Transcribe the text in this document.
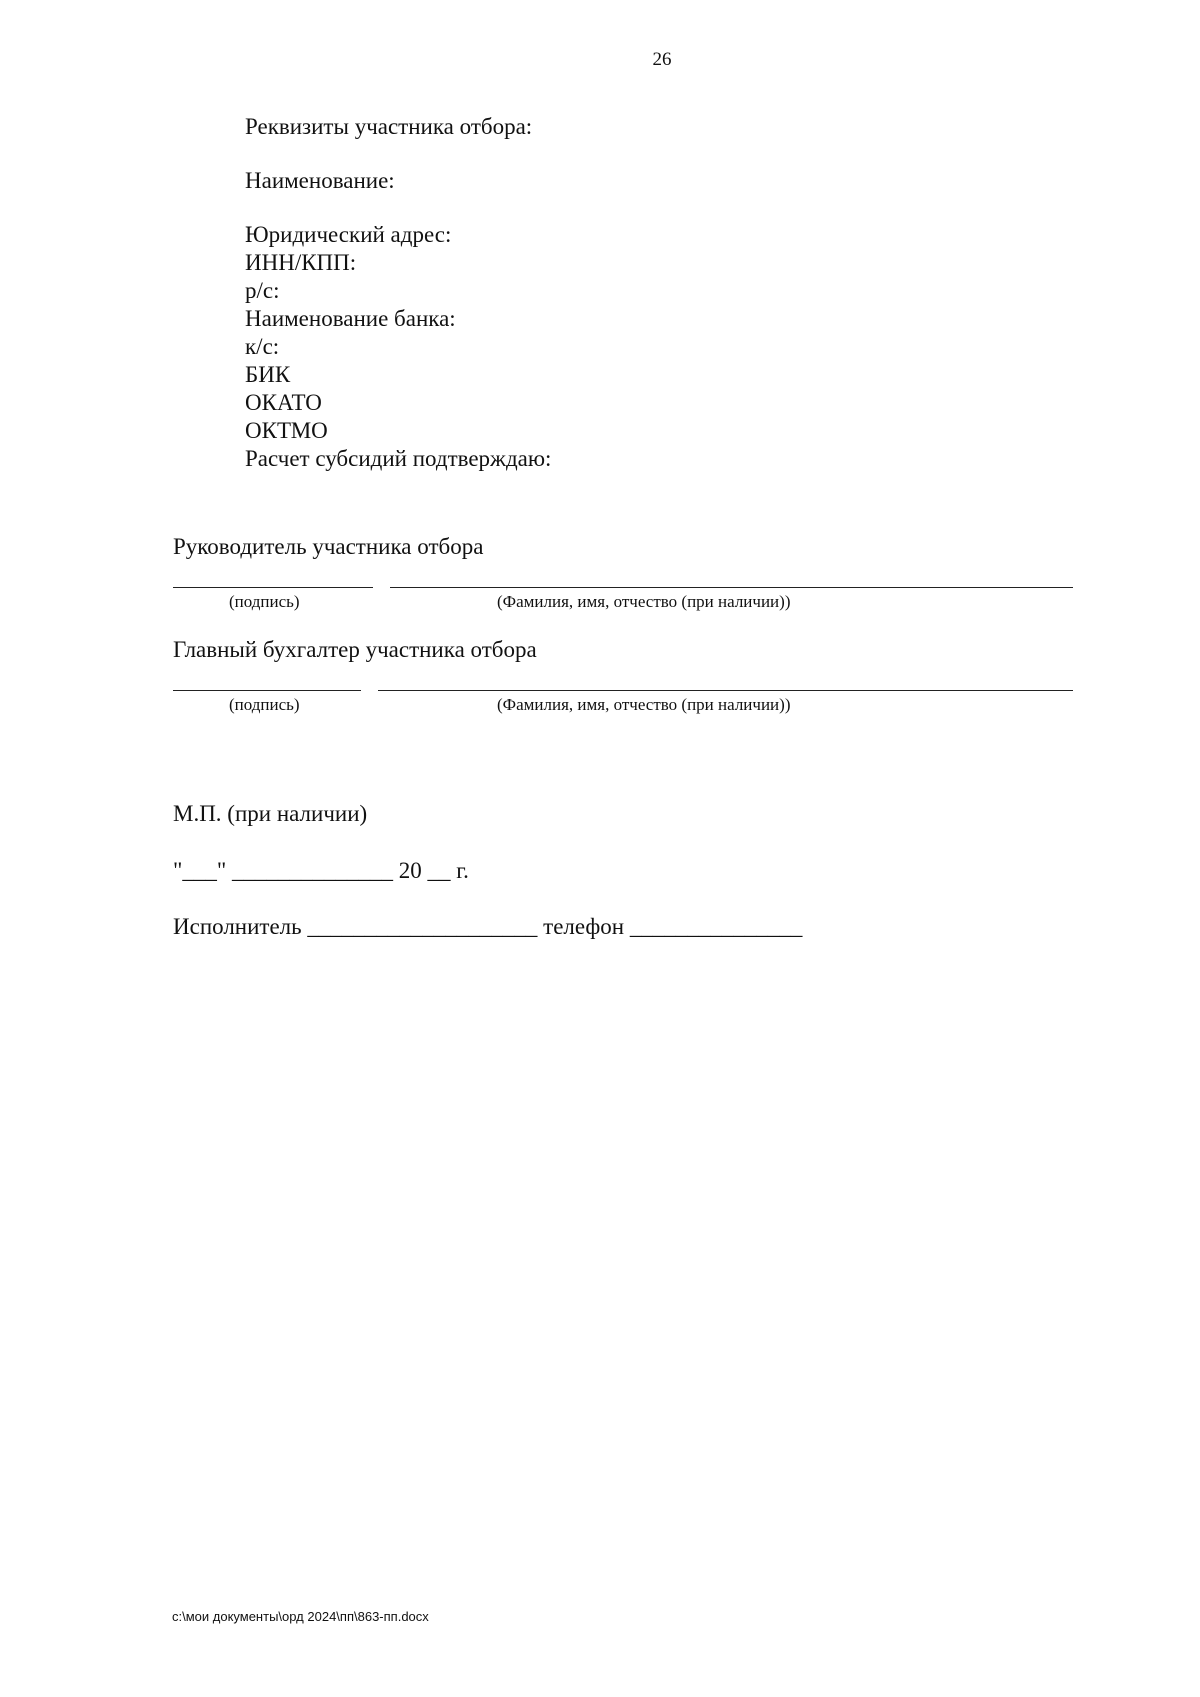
26
Реквизиты участника отбора:
Наименование:
Юридический адрес:
ИНН/КПП:
р/с:
Наименование банка:
к/с:
БИК
ОКАТО
ОКТМО
Расчет субсидий подтверждаю:
Руководитель участника отбора
(подпись)	(Фамилия, имя, отчество (при наличии))
Главный бухгалтер участника отбора
(подпись)	(Фамилия, имя, отчество (при наличии))
М.П. (при наличии)
"___" ______________ 20 __ г.
Исполнитель ____________________ телефон _______________
c:\мои документы\орд 2024\пп\863-пп.docx
